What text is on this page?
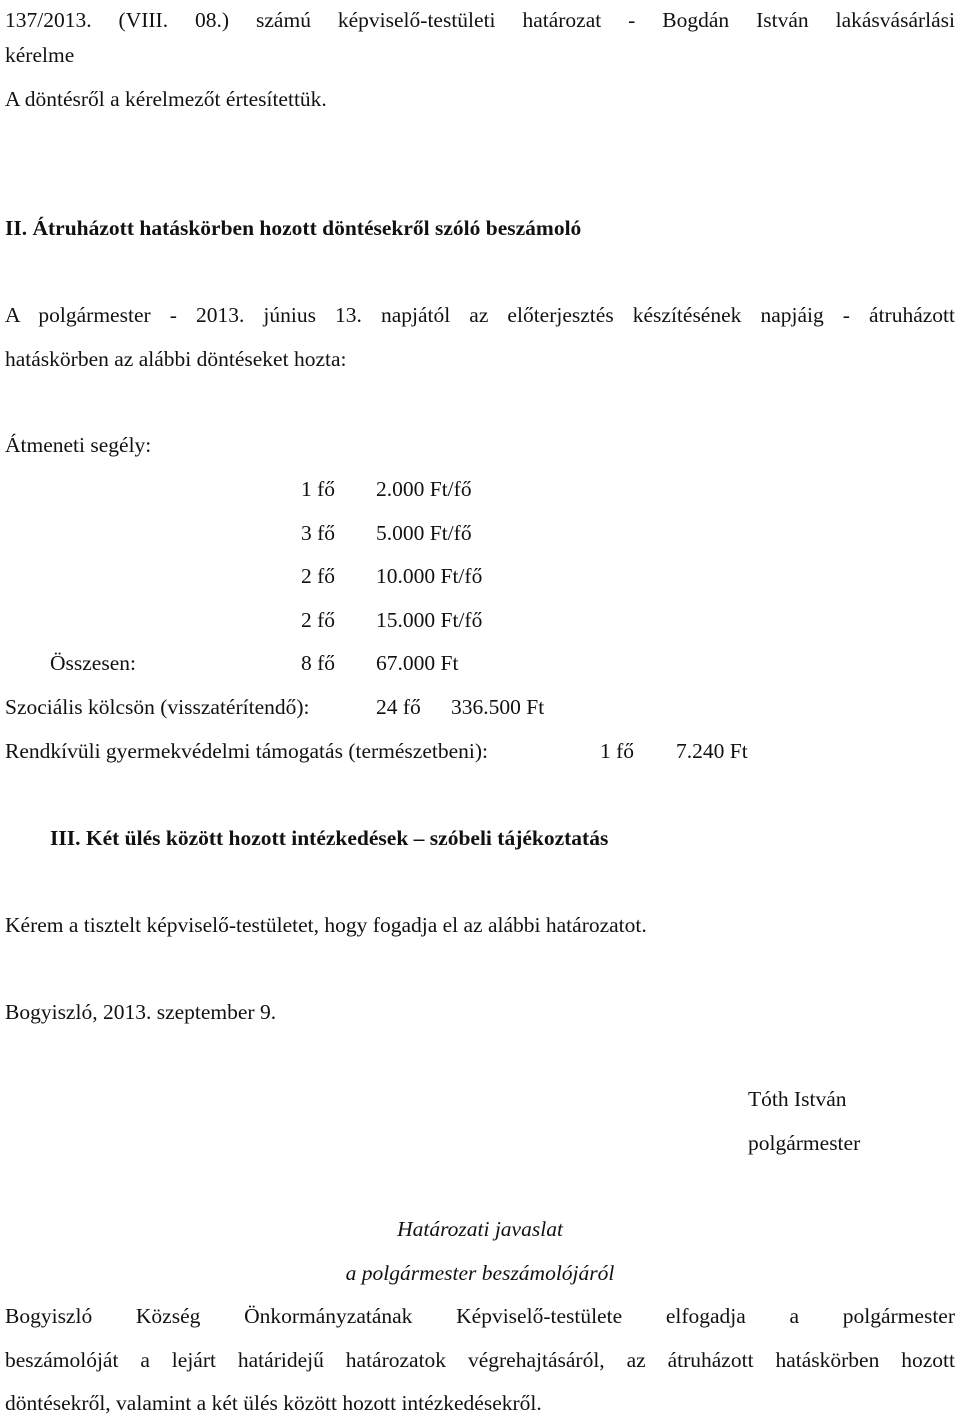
137/2013. (VIII. 08.) számú képviselő-testületi határozat - Bogdán István lakásvásárlási
kérelme
A döntésről a kérelmezőt értesítettük.
II. Átruházott hatáskörben hozott döntésekről szóló beszámoló
A polgármester - 2013. június 13. napjától az előterjesztés készítésének napjáig - átruházott
hatáskörben az alábbi döntéseket hozta:
Átmeneti segély:
1 fő 2.000 Ft/fő
3 fő 5.000 Ft/fő
2 fő 10.000 Ft/fő
2 fő 15.000 Ft/fő
Összesen:	8 fő 67.000 Ft
Szociális kölcsön (visszatérítendő):	24 fő 336.500 Ft
Rendkívüli gyermekvédelmi támogatás (természetbeni):	1 fő 7.240 Ft
III. Két ülés között hozott intézkedések – szóbeli tájékoztatás
Kérem a tisztelt képviselő-testületet, hogy fogadja el az alábbi határozatot.
Bogyiszló, 2013. szeptember 9.
Tóth István
polgármester
Határozati javaslat
a polgármester beszámolójáról
Bogyiszló Község Önkormányzatának Képviselő-testülete elfogadja a polgármester
beszámolóját a lejárt határidejű határozatok végrehajtásáról, az átruházott hatáskörben hozott
döntésekről, valamint a két ülés között hozott intézkedésekről.
